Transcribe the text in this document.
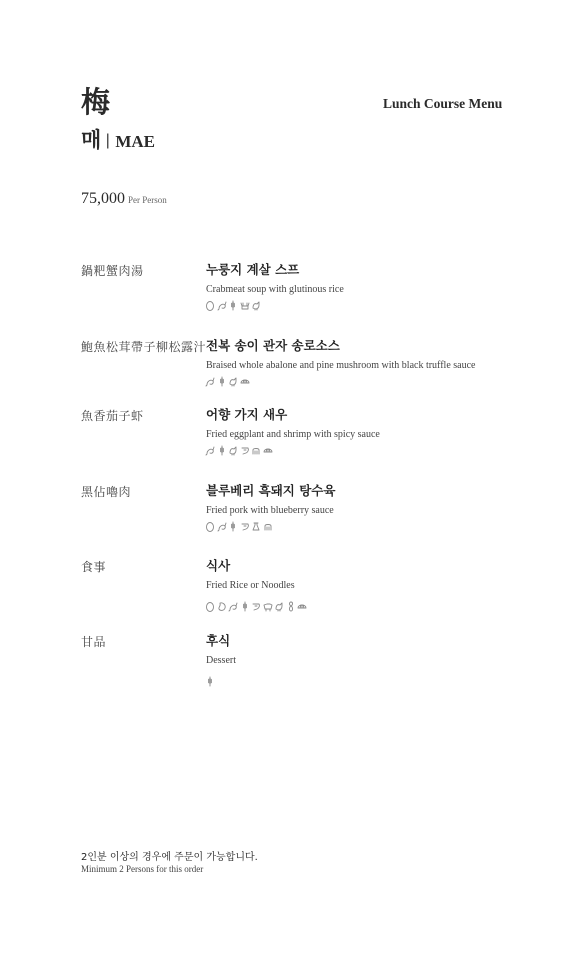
梅
매 | MAE
Lunch Course Menu
75,000 Per Person
鍋粑蟹肉湯	누룽지 계살 스프
Crabmeat soup with glutinous rice
鮑魚松茸帶子柳松露汁 전복 송이 관자 송로소스
Braised whole abalone and pine mushroom with black truffle sauce
魚香茄子虾	어향 가지 새우
Fried eggplant and shrimp with spicy sauce
黑佔嚕肉	블루베리 흑돼지 탕수육
Fried pork with blueberry sauce
食事	식사
Fried Rice or Noodles
甘品	후식
Dessert
2인분 이상의 경우에 주문이 가능합니다.
Minimum 2 Persons for this order
